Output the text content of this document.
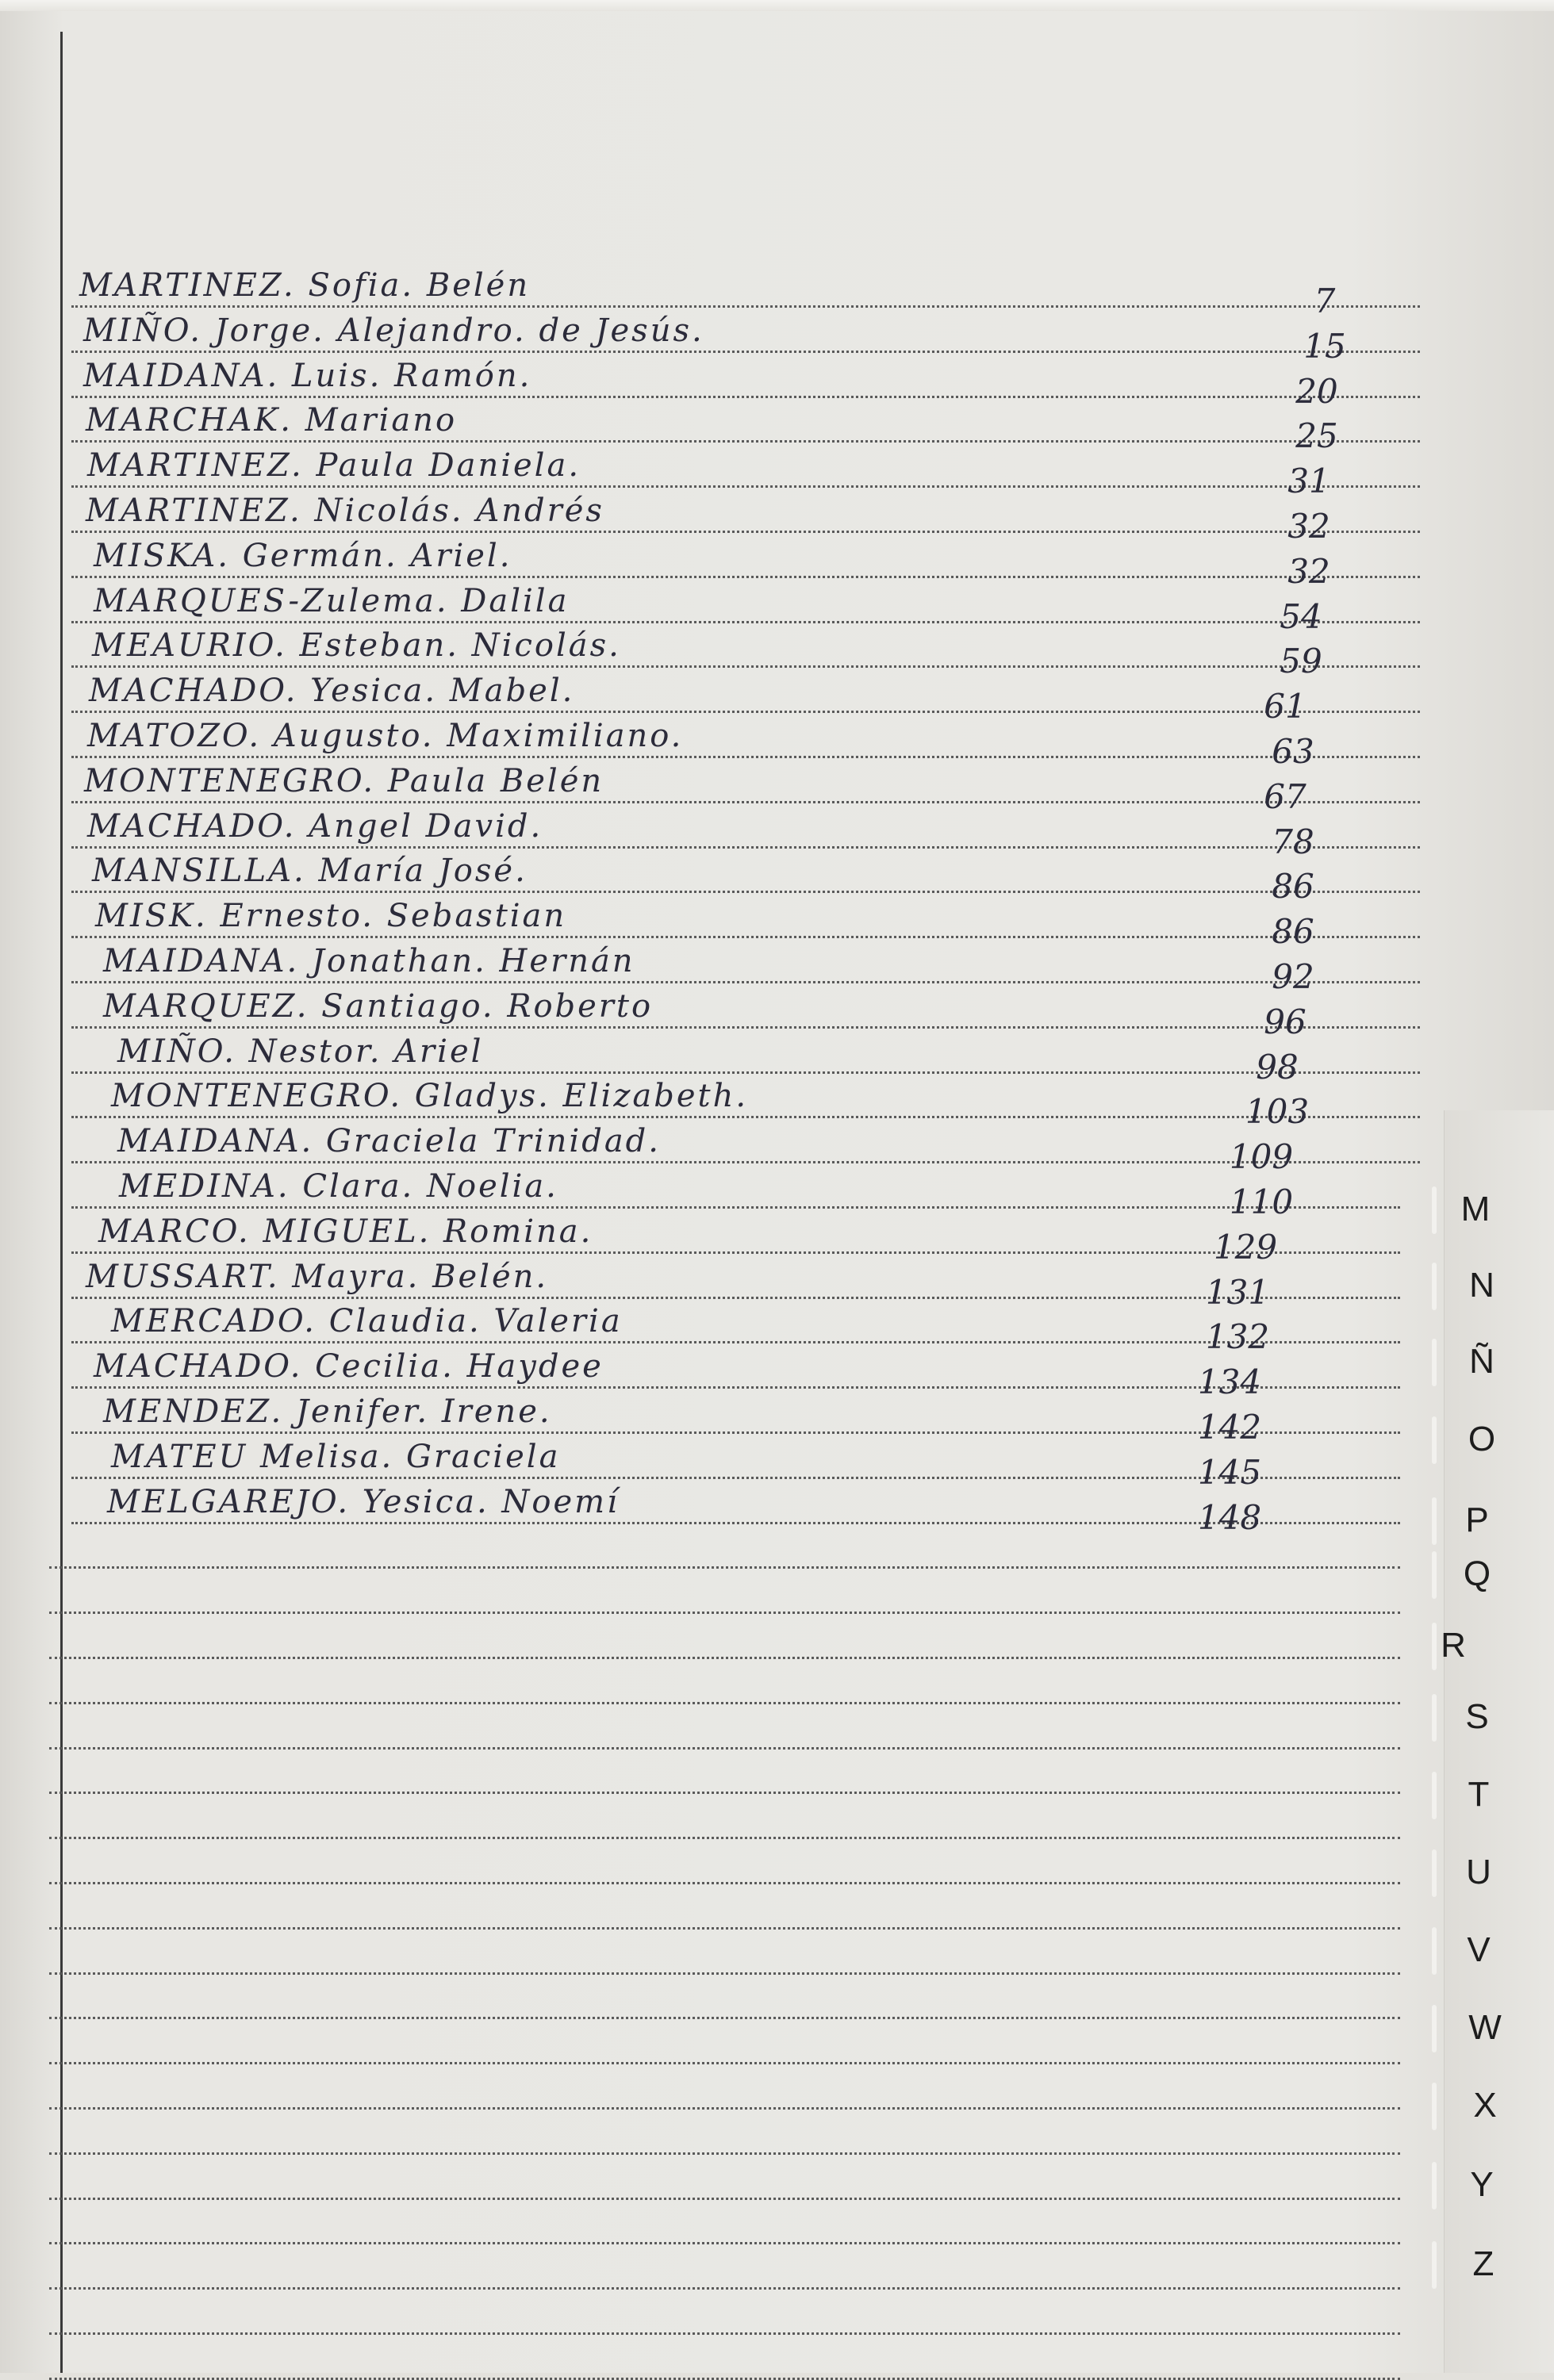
MARTINEZ. Sofia. Belén	7
MIÑO. Jorge. Alejandro. de Jesús.	15
MAIDANA. Luis. Ramón.	20
MARCHAK. Mariano	25
MARTINEZ. Paula Daniela.	31
MARTINEZ. Nicolás. Andrés	32
MISKA. Germán. Ariel.	32
MARQUES-Zulema. Dalila	54
MEAURIO. Esteban. Nicolás.	59
MACHADO. Yesica. Mabel.	61
MATOZO. Augusto. Maximiliano.	63
MONTENEGRO. Paula Belén	67
MACHADO. Angel David.	78
MANSILLA. María José.	86
MISK. Ernesto. Sebastian	86
MAIDANA. Jonathan. Hernán	92
MARQUEZ. Santiago. Roberto	96
MIÑO. Nestor. Ariel	98
MONTENEGRO. Gladys. Elizabeth.	103
MAIDANA. Graciela Trinidad.	109
MEDINA. Clara. Noelia.	110
MARCO. MIGUEL. Romina.	129
MUSSART. Mayra. Belén.	131
MERCADO. Claudia. Valeria	132
MACHADO. Cecilia. Haydee	134
MENDEZ. Jenifer. Irene.	142
MATEU Melisa. Graciela	145
MELGAREJO. Yesica. Noemí	148
M
N
Ñ
O
P
Q
R
S
T
U
V
W
X
Y
Z
